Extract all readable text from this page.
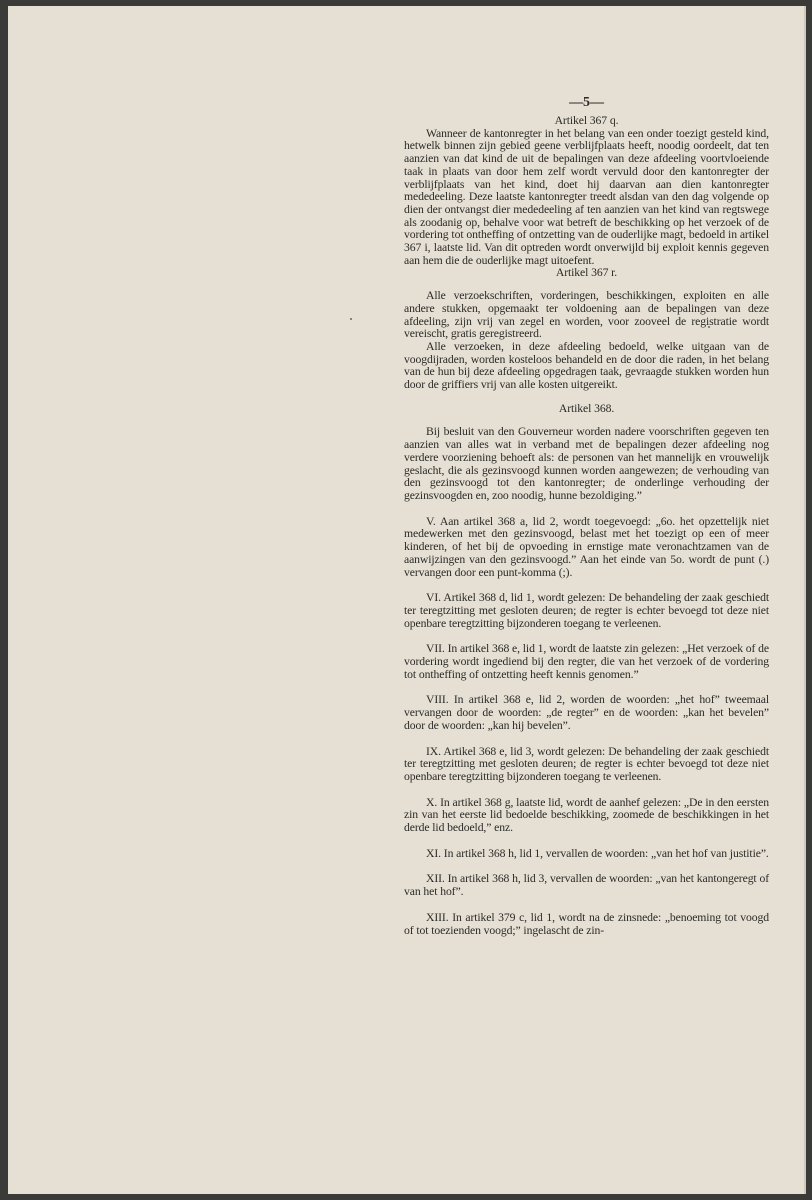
—5—
Artikel 367 q.
Wanneer de kantonregter in het belang van een onder toezigt gesteld kind, hetwelk binnen zijn gebied geene verblijfplaats heeft, noodig oordeelt, dat ten aanzien van dat kind de uit de bepalingen van deze afdeeling voortvloeiende taak in plaats van door hem zelf wordt vervuld door den kantonregter der verblijfplaats van het kind, doet hij daarvan aan dien kantonregter mededeeling. Deze laatste kantonregter treedt alsdan van den dag volgende op dien der ontvangst dier mededeeling af ten aanzien van het kind van regtswege als zoodanig op, behalve voor wat betreft de beschikking op het verzoek of de vordering tot ontheffing of ontzetting van de ouderlijke magt, bedoeld in artikel 367 i, laatste lid. Van dit optreden wordt onverwijld bij exploit kennis gegeven aan hem die de ouderlijke magt uitoefent.
Artikel 367 r.
Alle verzoekschriften, vorderingen, beschikkingen, exploiten en alle andere stukken, opgemaakt ter voldoening aan de bepalingen van deze afdeeling, zijn vrij van zegel en worden, voor zooveel de registratie wordt vereischt, gratis geregistreerd.
Alle verzoeken, in deze afdeeling bedoeld, welke uitgaan van de voogdijraden, worden kosteloos behandeld en de door die raden, in het belang van de hun bij deze afdeeling opgedragen taak, gevraagde stukken worden hun door de griffiers vrij van alle kosten uitgereikt.
Artikel 368.
Bij besluit van den Gouverneur worden nadere voorschriften gegeven ten aanzien van alles wat in verband met de bepalingen dezer afdeeling nog verdere voorziening behoeft als: de personen van het mannelijk en vrouwelijk geslacht, die als gezinsvoogd kunnen worden aangewezen; de verhouding van den gezinsvoogd tot den kantonregter; de onderlinge verhouding der gezinsvoogden en, zoo noodig, hunne bezoldiging.”
V. Aan artikel 368 a, lid 2, wordt toegevoegd: „6o. het opzettelijk niet medewerken met den gezinsvoogd, belast met het toezigt op een of meer kinderen, of het bij de opvoeding in ernstige mate veronachtzamen van de aanwijzingen van den gezinsvoogd.” Aan het einde van 5o. wordt de punt (.) vervangen door een punt-komma (;).
VI. Artikel 368 d, lid 1, wordt gelezen: De behandeling der zaak geschiedt ter teregtzitting met gesloten deuren; de regter is echter bevoegd tot deze niet openbare teregtzitting bijzonderen toegang te verleenen.
VII. In artikel 368 e, lid 1, wordt de laatste zin gelezen: „Het verzoek of de vordering wordt ingediend bij den regter, die van het verzoek of de vordering tot ontheffing of ontzetting heeft kennis genomen.”
VIII. In artikel 368 e, lid 2, worden de woorden: „het hof” tweemaal vervangen door de woorden: „de regter” en de woorden: „kan het bevelen” door de woorden: „kan hij bevelen”.
IX. Artikel 368 e, lid 3, wordt gelezen: De behandeling der zaak geschiedt ter teregtzitting met gesloten deuren; de regter is echter bevoegd tot deze niet openbare teregtzitting bijzonderen toegang te verleenen.
X. In artikel 368 g, laatste lid, wordt de aanhef gelezen: „De in den eersten zin van het eerste lid bedoelde beschikking, zoomede de beschikkingen in het derde lid bedoeld,” enz.
XI. In artikel 368 h, lid 1, vervallen de woorden: „van het hof van justitie”.
XII. In artikel 368 h, lid 3, vervallen de woorden: „van het kantongeregt of van het hof”.
XIII. In artikel 379 c, lid 1, wordt na de zinsnede: „benoeming tot voogd of tot toezienden voogd;” ingelascht de zin-
